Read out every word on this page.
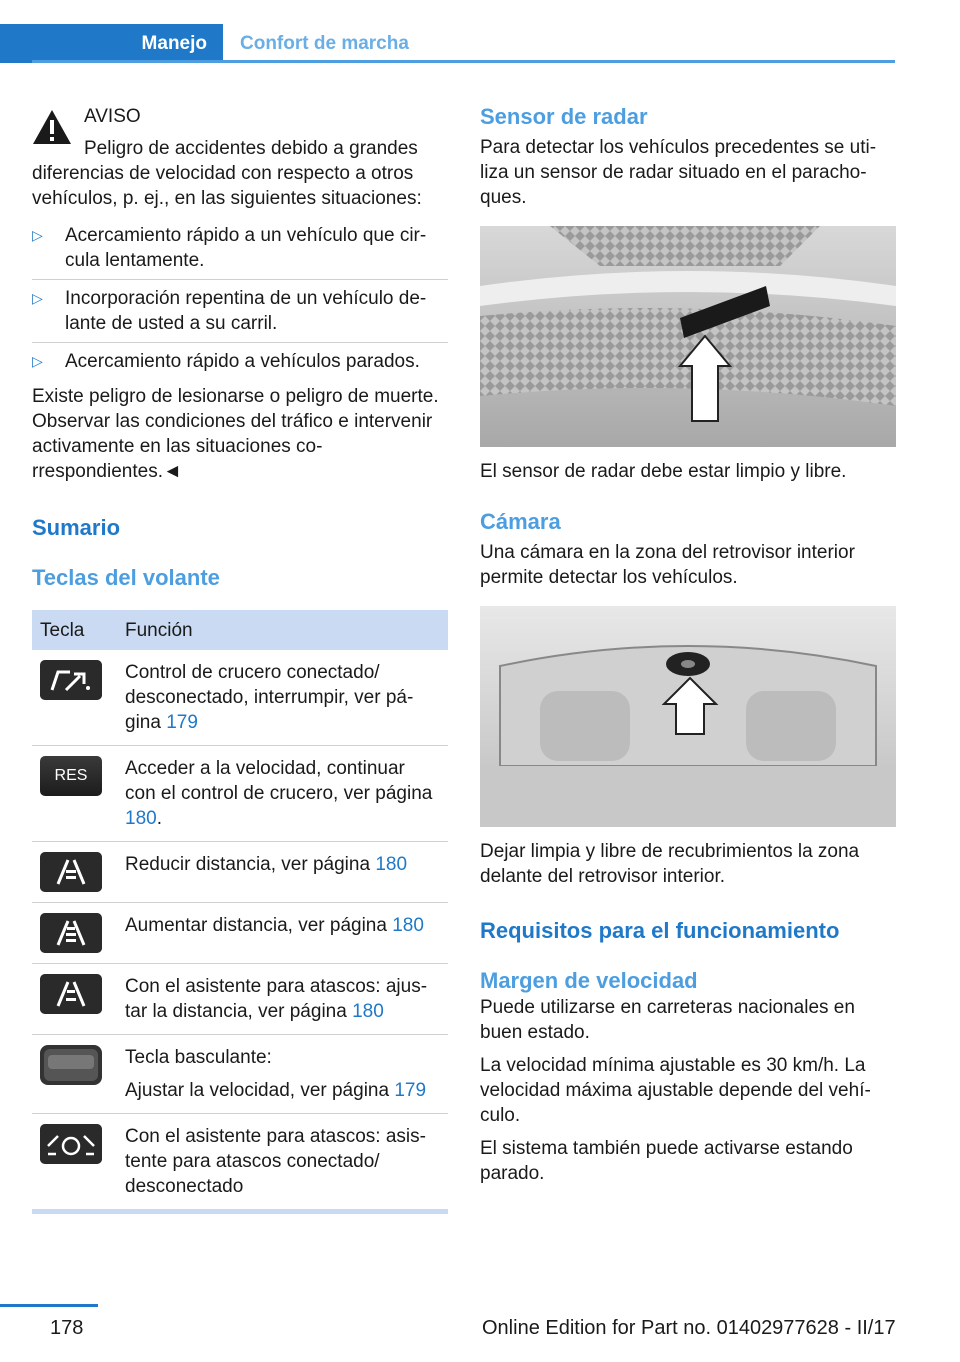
Manejo	Confort de marcha

AVISO

Peligro de accidentes debido a grandes

diferencias de velocidad con respecto a otros vehículos, p. ej., en las siguientes situaciones:

▷ Acercamiento rápido a un vehículo que circula lentamente.
▷ Incorporación repentina de un vehículo delante de usted a su carril.
▷ Acercamiento rápido a vehículos parados.

Existe peligro de lesionarse o peligro de muerte. Observar las condiciones del tráfico e intervenir activamente en las situaciones correspondientes.◄

Sumario
Teclas del volante
Tecla	Función

	Control de crucero conectado/ desconectado, interrumpir, ver página 179

RES	Acceder a la velocidad, continuar con el control de crucero, ver página 180.

	Reducir distancia, ver página 180

	Aumentar distancia, ver página 180

	Con el asistente para atascos: ajustar la distancia, ver página 180

Tecla basculante:

Ajustar la velocidad, ver página 179

	Con el asistente para atascos: asistente para atascos conectado/ desconectado
Sensor de radar

Para detectar los vehículos precedentes se utiliza un sensor de radar situado en el parachoques.

El sensor de radar debe estar limpio y libre.

Cámara

Una cámara en la zona del retrovisor interior permite detectar los vehículos.

Dejar limpia y libre de recubrimientos la zona delante del retrovisor interior.

Requisitos para el funcionamiento
Margen de velocidad

Puede utilizarse en carreteras nacionales en buen estado.

La velocidad mínima ajustable es 30 km/h. La velocidad máxima ajustable depende del vehículo.

El sistema también puede activarse estando parado.

178	Online Edition for Part no. 01402977628 - II/17
